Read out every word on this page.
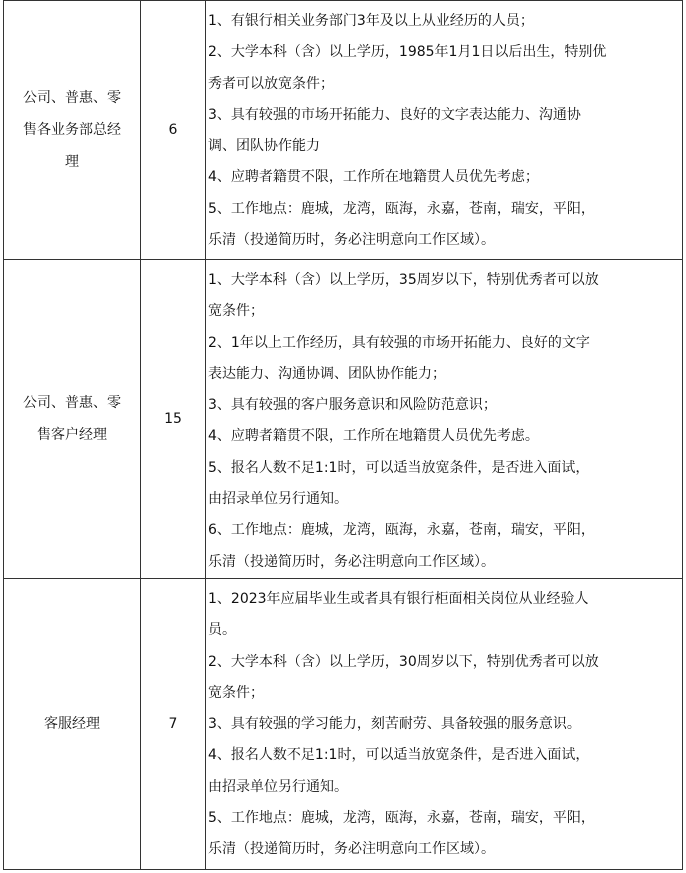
公司、普惠、零
售各业务部总经
理
6
1、有银行相关业务部门3年及以上从业经历的人员；
2、大学本科（含）以上学历，1985年1月1日以后出生，特别优
秀者可以放宽条件；
3、具有较强的市场开拓能力、良好的文字表达能力、沟通协
调、团队协作能力
4、应聘者籍贯不限，工作所在地籍贯人员优先考虑；
5、工作地点：鹿城，龙湾，瓯海，永嘉，苍南，瑞安，平阳，
乐清（投递简历时，务必注明意向工作区域）。
公司、普惠、零
售客户经理
15
1、大学本科（含）以上学历，35周岁以下，特别优秀者可以放
宽条件；
2、1年以上工作经历，具有较强的市场开拓能力、良好的文字
表达能力、沟通协调、团队协作能力；
3、具有较强的客户服务意识和风险防范意识；
4、应聘者籍贯不限，工作所在地籍贯人员优先考虑。
5、报名人数不足1:1时，可以适当放宽条件，是否进入面试，
由招录单位另行通知。
6、工作地点：鹿城，龙湾，瓯海，永嘉，苍南，瑞安，平阳，
乐清（投递简历时，务必注明意向工作区域）。
客服经理	7
1、2023年应届毕业生或者具有银行柜面相关岗位从业经验人
员。
2、大学本科（含）以上学历，30周岁以下，特别优秀者可以放
宽条件；
3、具有较强的学习能力，刻苦耐劳、具备较强的服务意识。
4、报名人数不足1:1时，可以适当放宽条件，是否进入面试，
由招录单位另行通知。
5、工作地点：鹿城，龙湾，瓯海，永嘉，苍南，瑞安，平阳，
乐清（投递简历时，务必注明意向工作区域）。
